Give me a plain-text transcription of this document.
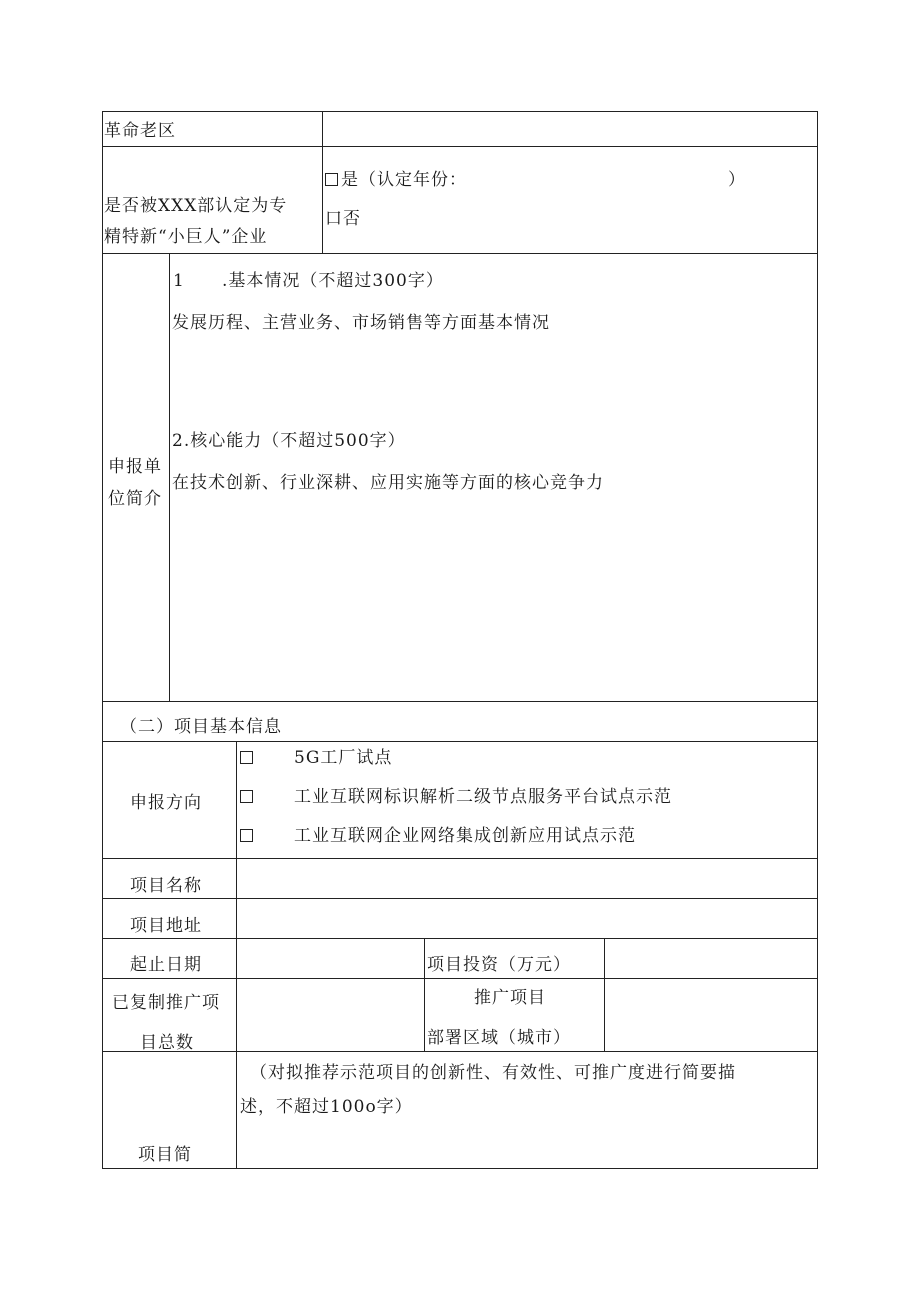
革命老区
是否被XXX部认定为专
精特新“小巨人”企业
是（认定年份：	）
口否
申报单
位简介
1 .基本情况（不超过300字）
发展历程、主营业务、市场销售等方面基本情况
2.核心能力（不超过500字）
在技术创新、行业深耕、应用实施等方面的核心竞争力
（二）项目基本信息
申报方向
5G工厂试点
工业互联网标识解析二级节点服务平台试点示范
工业互联网企业网络集成创新应用试点示范
项目名称
项目地址
起止日期	项目投资（万元）
已复制推广项
目总数
推广项目
部署区域（城市）
项目简
（对拟推荐示范项目的创新性、有效性、可推广度进行简要描
述，不超过100o字）
